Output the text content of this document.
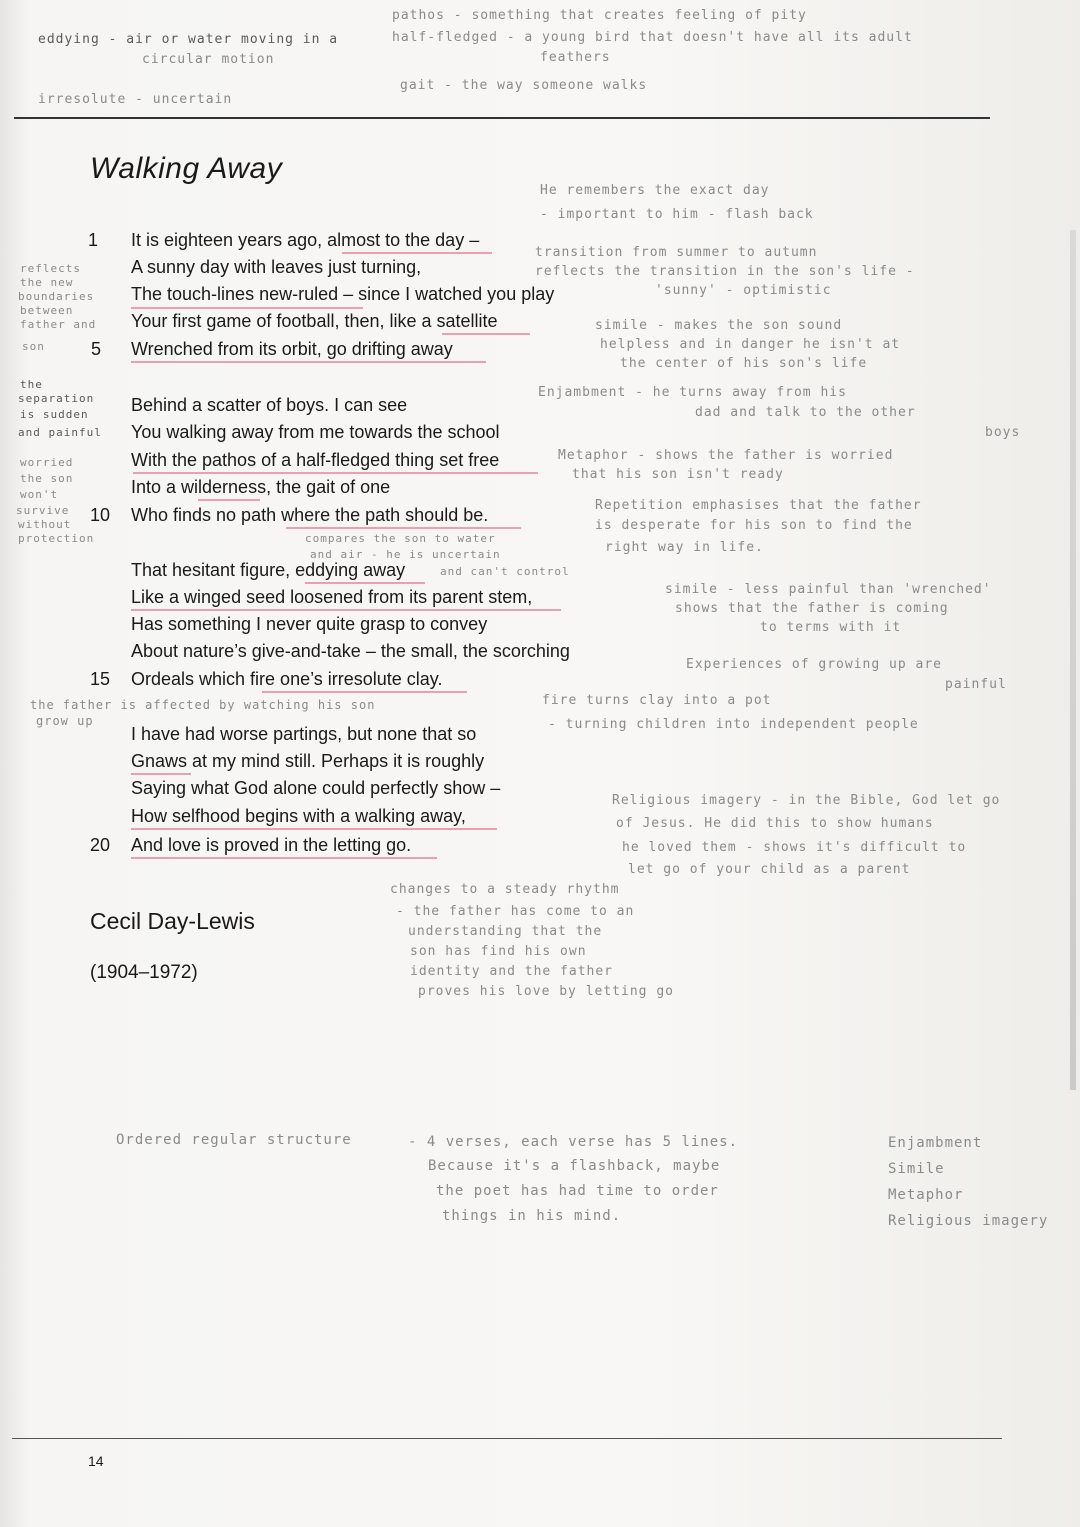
eddying - air or water moving in a
circular motion
irresolute - uncertain
pathos - something that creates feeling of pity
half-fledged - a young bird that doesn't have all its adult
feathers
gait - the way someone walks
Walking Away
1 It is eighteen years ago, almost to the day –
A sunny day with leaves just turning,
The touch-lines new-ruled – since I watched you play
Your first game of football, then, like a satellite
5 Wrenched from its orbit, go drifting away
Behind a scatter of boys. I can see
You walking away from me towards the school
With the pathos of a half-fledged thing set free
Into a wilderness, the gait of one
10 Who finds no path where the path should be.
That hesitant figure, eddying away
Like a winged seed loosened from its parent stem,
Has something I never quite grasp to convey
About nature’s give-and-take – the small, the scorching
15 Ordeals which fire one’s irresolute clay.
I have had worse partings, but none that so
Gnaws at my mind still. Perhaps it is roughly
Saying what God alone could perfectly show –
How selfhood begins with a walking away,
20 And love is proved in the letting go.
He remembers the exact day
- important to him - flash back
transition from summer to autumn
reflects the transition in the son's life -
'sunny' - optimistic
simile - makes the son sound
helpless and in danger he isn't at
the center of his son's life
Enjambment - he turns away from his
dad and talk to the other
boys
Metaphor - shows the father is worried
that his son isn't ready
Repetition emphasises that the father
is desperate for his son to find the
right way in life.
compares the son to water
and air - he is uncertain
and can't control
simile - less painful than 'wrenched'
shows that the father is coming
to terms with it
Experiences of growing up are
painful
fire turns clay into a pot
- turning children into independent people
Religious imagery - in the Bible, God let go
of Jesus. He did this to show humans
he loved them - shows it's difficult to
let go of your child as a parent
changes to a steady rhythm
- the father has come to an
understanding that the
son has find his own
identity and the father
proves his love by letting go
reflects
the new
boundaries
between
father and
son
the
separation
is sudden
and painful
worried
the son
won't
survive
without
protection
the father is affected by watching his son
grow up
Cecil Day-Lewis
(1904–1972)
Ordered regular structure	- 4 verses, each verse has 5 lines.
Because it's a flashback, maybe
the poet has had time to order
things in his mind.
Enjambment
Simile
Metaphor
Religious imagery
14
